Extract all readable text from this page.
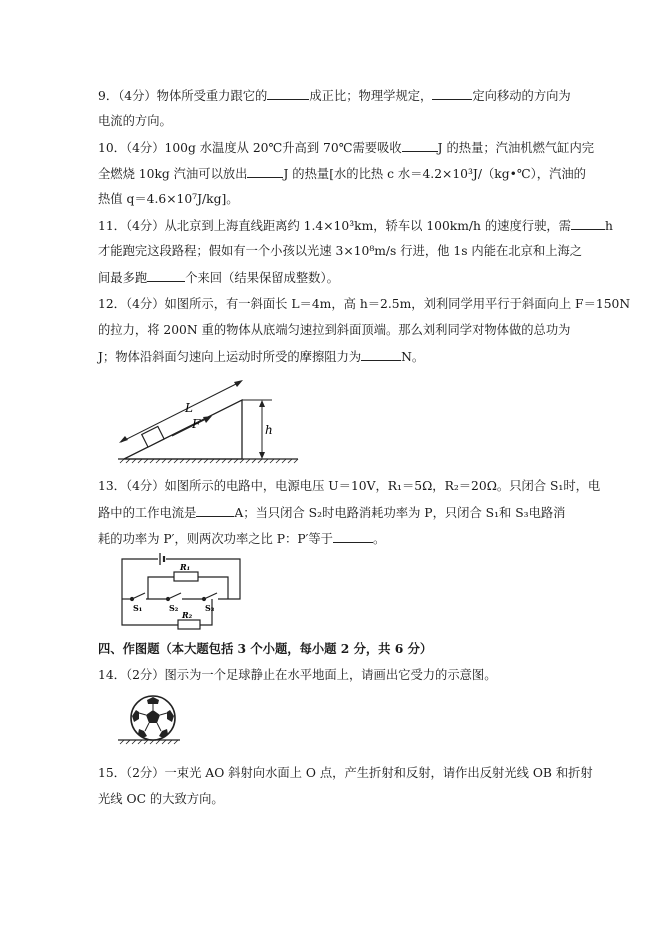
9．（4分）物体所受重力跟它的	成正比；物理学规定，	定向移动的方向为
电流的方向。
10．（4分）100g 水温度从 20℃升高到 70℃需要吸收	J 的热量；汽油机燃气缸内完
全燃烧 10kg 汽油可以放出	J 的热量[水的比热 c 水＝4.2×10³J/（kg•℃），汽油的
热值 q＝4.6×10⁷J/kg]。
11．（4分）从北京到上海直线距离约 1.4×10³km，轿车以 100km/h 的速度行驶，需	h
才能跑完这段路程；假如有一个小孩以光速 3×10⁸m/s 行进，他 1s 内能在北京和上海之
间最多跑	个来回（结果保留成整数）。
12．（4分）如图所示，有一斜面长 L＝4m，高 h＝2.5m，刘利同学用平行于斜面向上 F＝150N
的拉力，将 200N 重的物体从底端匀速拉到斜面顶端。那么刘利同学对物体做的总功为
J；物体沿斜面匀速向上运动时所受的摩擦阻力为	N。
L
F	h
13．（4分）如图所示的电路中，电源电压 U＝10V，R₁＝5Ω，R₂＝20Ω。只闭合 S₁时，电
路中的工作电流是	A；当只闭合 S₂时电路消耗功率为 P，只闭合 S₁和 S₃电路消
耗的功率为 P′，则两次功率之比 P：P′等于	。
R₁
R₂
S₁	S₂	S₃
四、作图题（本大题包括 3 个小题，每小题 2 分，共 6 分）
14．（2分）图示为一个足球静止在水平地面上，请画出它受力的示意图。
15．（2分）一束光 AO 斜射向水面上 O 点，产生折射和反射，请作出反射光线 OB 和折射
光线 OC 的大致方向。
